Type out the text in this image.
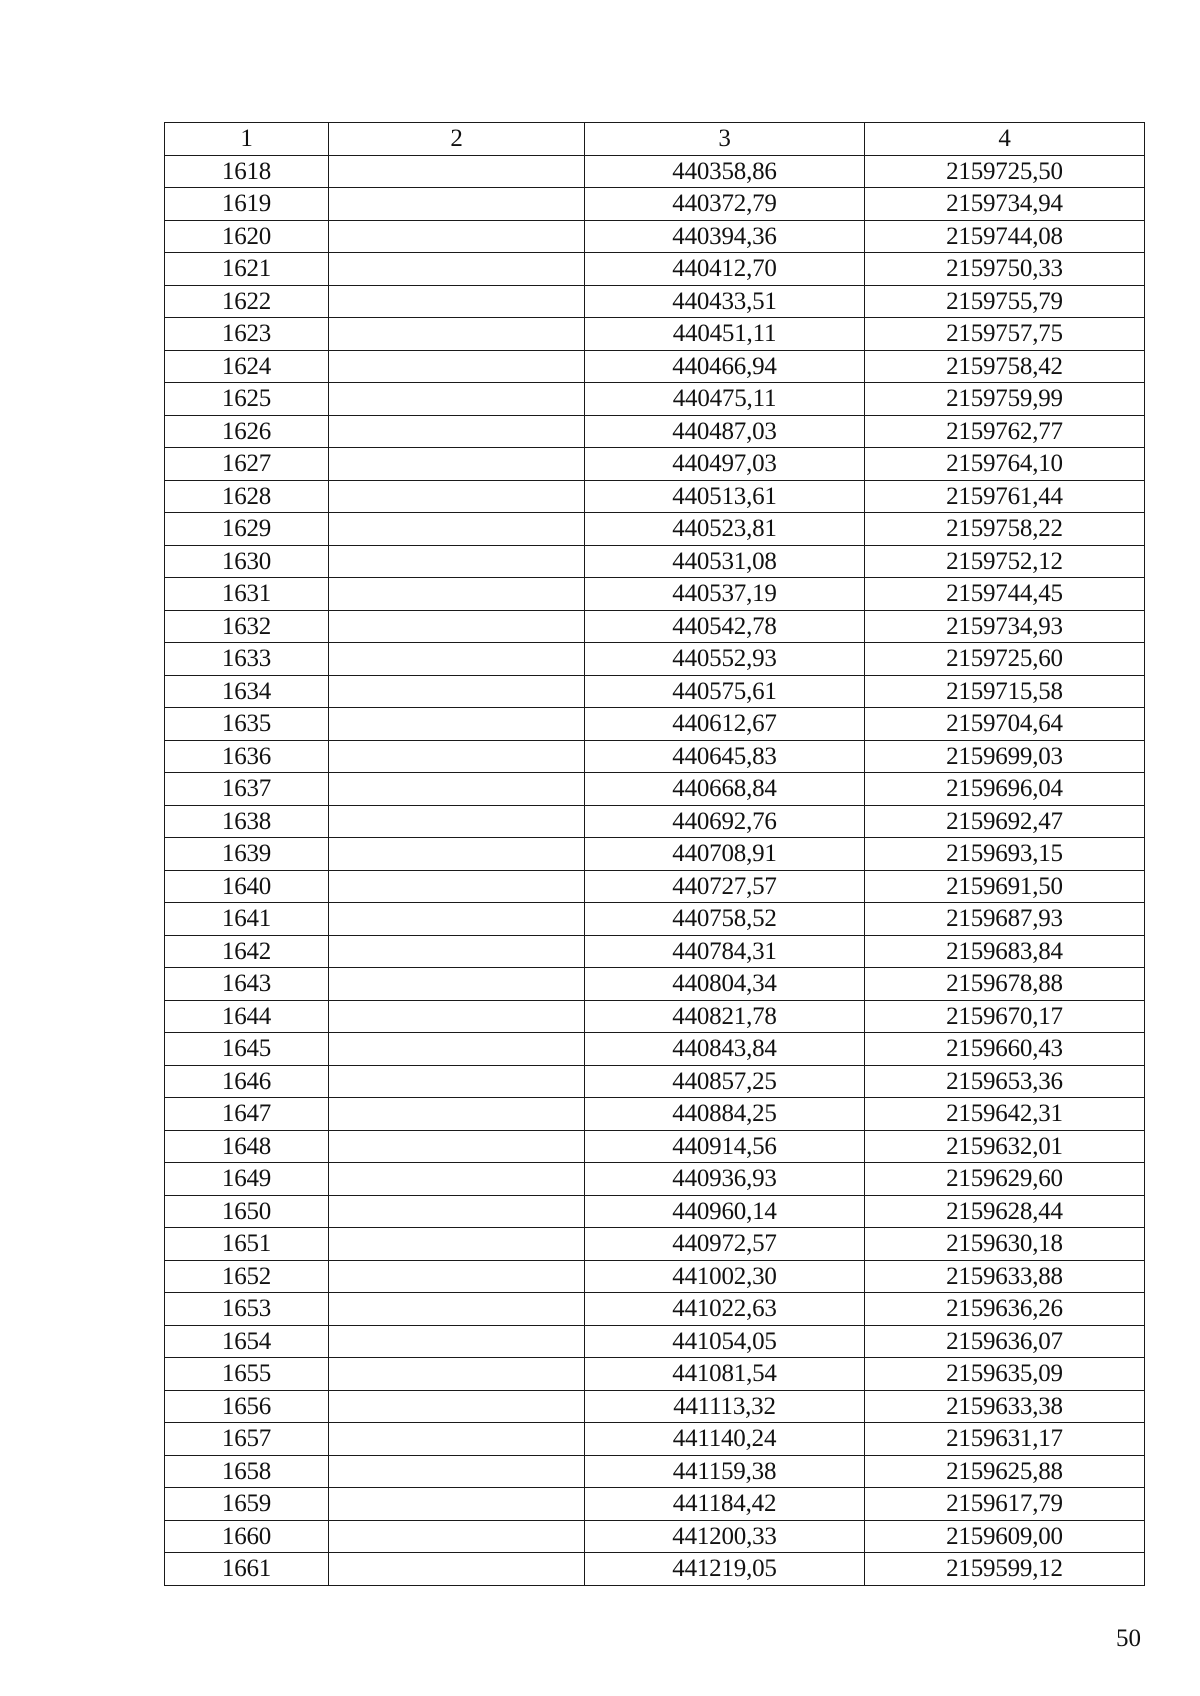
1	2	3	4
1618		440358,86	2159725,50
1619		440372,79	2159734,94
1620		440394,36	2159744,08
1621		440412,70	2159750,33
1622		440433,51	2159755,79
1623		440451,11	2159757,75
1624		440466,94	2159758,42
1625		440475,11	2159759,99
1626		440487,03	2159762,77
1627		440497,03	2159764,10
1628		440513,61	2159761,44
1629		440523,81	2159758,22
1630		440531,08	2159752,12
1631		440537,19	2159744,45
1632		440542,78	2159734,93
1633		440552,93	2159725,60
1634		440575,61	2159715,58
1635		440612,67	2159704,64
1636		440645,83	2159699,03
1637		440668,84	2159696,04
1638		440692,76	2159692,47
1639		440708,91	2159693,15
1640		440727,57	2159691,50
1641		440758,52	2159687,93
1642		440784,31	2159683,84
1643		440804,34	2159678,88
1644		440821,78	2159670,17
1645		440843,84	2159660,43
1646		440857,25	2159653,36
1647		440884,25	2159642,31
1648		440914,56	2159632,01
1649		440936,93	2159629,60
1650		440960,14	2159628,44
1651		440972,57	2159630,18
1652		441002,30	2159633,88
1653		441022,63	2159636,26
1654		441054,05	2159636,07
1655		441081,54	2159635,09
1656		441113,32	2159633,38
1657		441140,24	2159631,17
1658		441159,38	2159625,88
1659		441184,42	2159617,79
1660		441200,33	2159609,00
1661		441219,05	2159599,12
50
